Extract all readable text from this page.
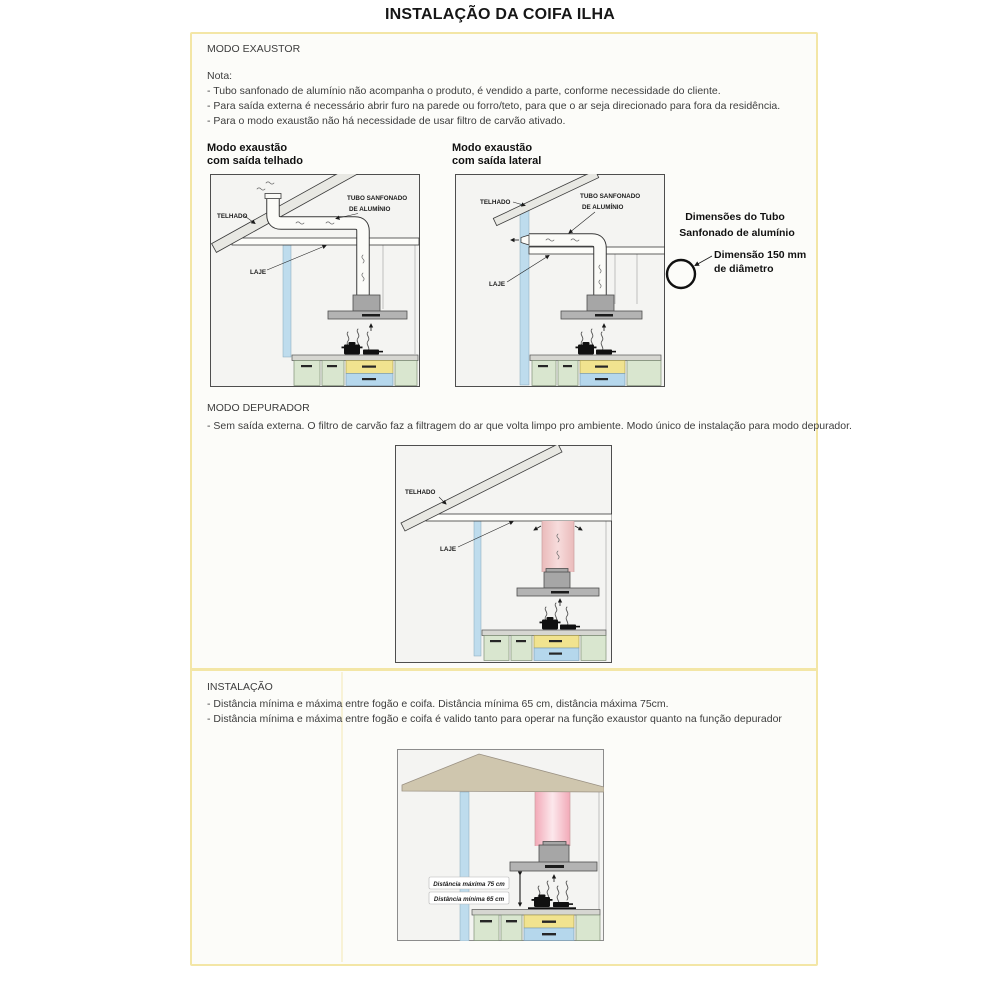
INSTALAÇÃO DA COIFA ILHA
MODO EXAUSTOR
Nota:
- Tubo sanfonado de alumínio não acompanha o produto, é vendido a parte, conforme necessidade do cliente.
- Para saída externa é necessário abrir furo na parede ou forro/teto, para que o ar seja direcionado para fora da residência.
- Para o modo exaustão não há necessidade de usar filtro de carvão ativado.
Modo exaustão
com saída telhado
Modo exaustão
com saída lateral
TELHADO
TUBO SANFONADO
DE ALUMÍNIO
LAJE
TELHADO
TUBO SANFONADO
DE ALUMÍNIO
LAJE
Dimensões do Tubo
Sanfonado de alumínio
Dimensão 150 mm
de diâmetro
MODO DEPURADOR
- Sem saída externa. O filtro de carvão faz a filtragem do ar que volta limpo pro ambiente. Modo único de instalação para modo depurador.
TELHADO
LAJE
INSTALAÇÃO
- Distância mínima e máxima entre fogão e coifa. Distância mínima 65 cm, distância máxima 75cm.
- Distância mínima e máxima entre fogão e coifa é valido tanto para operar na função exaustor quanto na função depurador
Distância máxima 75 cm
Distância mínima 65 cm
